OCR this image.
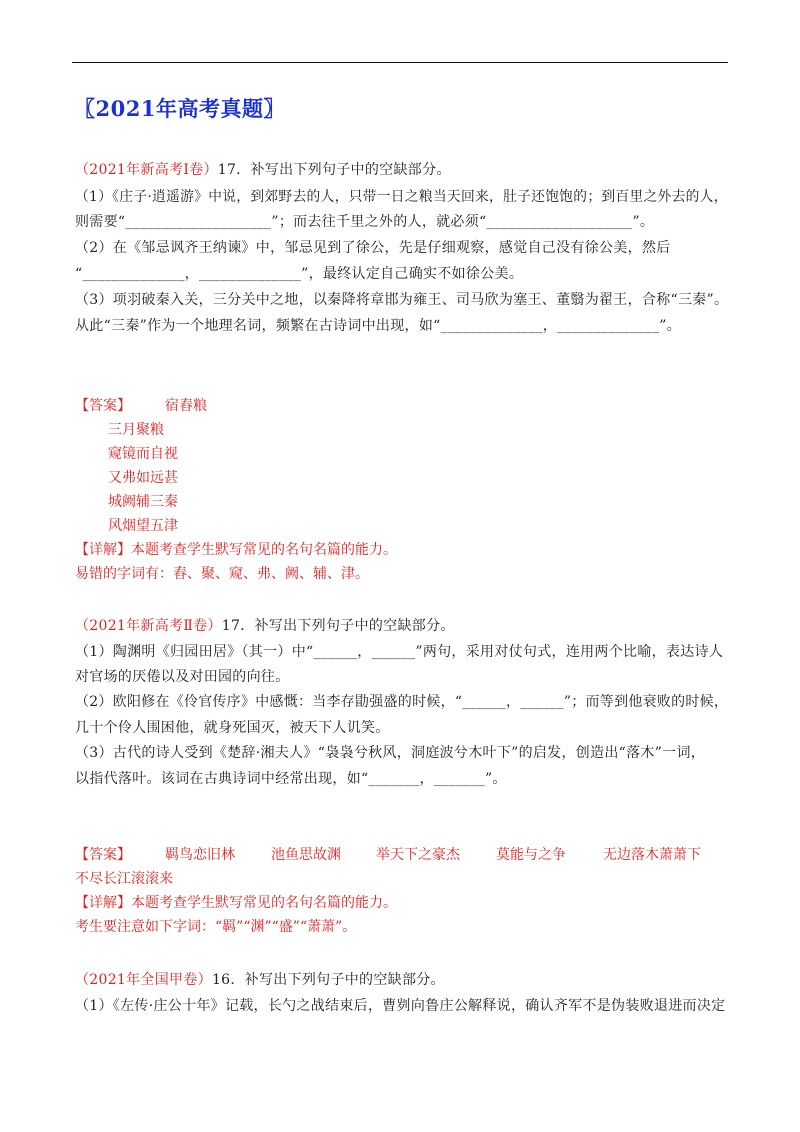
〖2021年高考真题〗
（2021年新高考Ⅰ卷）17．补写出下列句子中的空缺部分。
（1）《庄子·逍遥游》中说，到郊野去的人，只带一日之粮当天回来，肚子还饱饱的；到百里之外去的人，
则需要“____________________”；而去往千里之外的人，就必须“____________________”。
（2）在《邹忌讽齐王纳谏》中，邹忌见到了徐公，先是仔细观察，感觉自己没有徐公美，然后
“______________，______________”，最终认定自己确实不如徐公美。
（3）项羽破秦入关，三分关中之地，以秦降将章邯为雍王、司马欣为塞王、董翳为翟王，合称“三秦”。
从此“三秦”作为一个地理名词，频繁在古诗词中出现，如“______________，______________”。
【答案】 宿舂粮
三月聚粮
窥镜而自视
又弗如远甚
城阙辅三秦
风烟望五津
【详解】本题考查学生默写常见的名句名篇的能力。
易错的字词有：舂、聚、窥、弗、阙、辅、津。
（2021年新高考Ⅱ卷）17．补写出下列句子中的空缺部分。
（1）陶渊明《归园田居》（其一）中“______，______”两句，采用对仗句式，连用两个比喻，表达诗人
对官场的厌倦以及对田园的向往。
（2）欧阳修在《伶官传序》中感慨：当李存勖强盛的时候，“______，______”；而等到他衰败的时候，
几十个伶人围困他，就身死国灭，被天下人讥笑。
（3）古代的诗人受到《楚辞·湘夫人》“袅袅兮秋风，洞庭波兮木叶下”的启发，创造出“落木”一词，
以指代落叶。该词在古典诗词中经常出现，如“_______，_______”。
【答案】 羁鸟恋旧林	池鱼思故渊	举天下之豪杰	莫能与之争	无边落木萧萧下
不尽长江滚滚来
【详解】本题考查学生默写常见的名句名篇的能力。
考生要注意如下字词：“羁”“渊”“盛”“萧萧”。
（2021年全国甲卷）16．补写出下列句子中的空缺部分。
（1）《左传·庄公十年》记载，长勺之战结束后，曹刿向鲁庄公解释说，确认齐军不是伪装败退进而决定
